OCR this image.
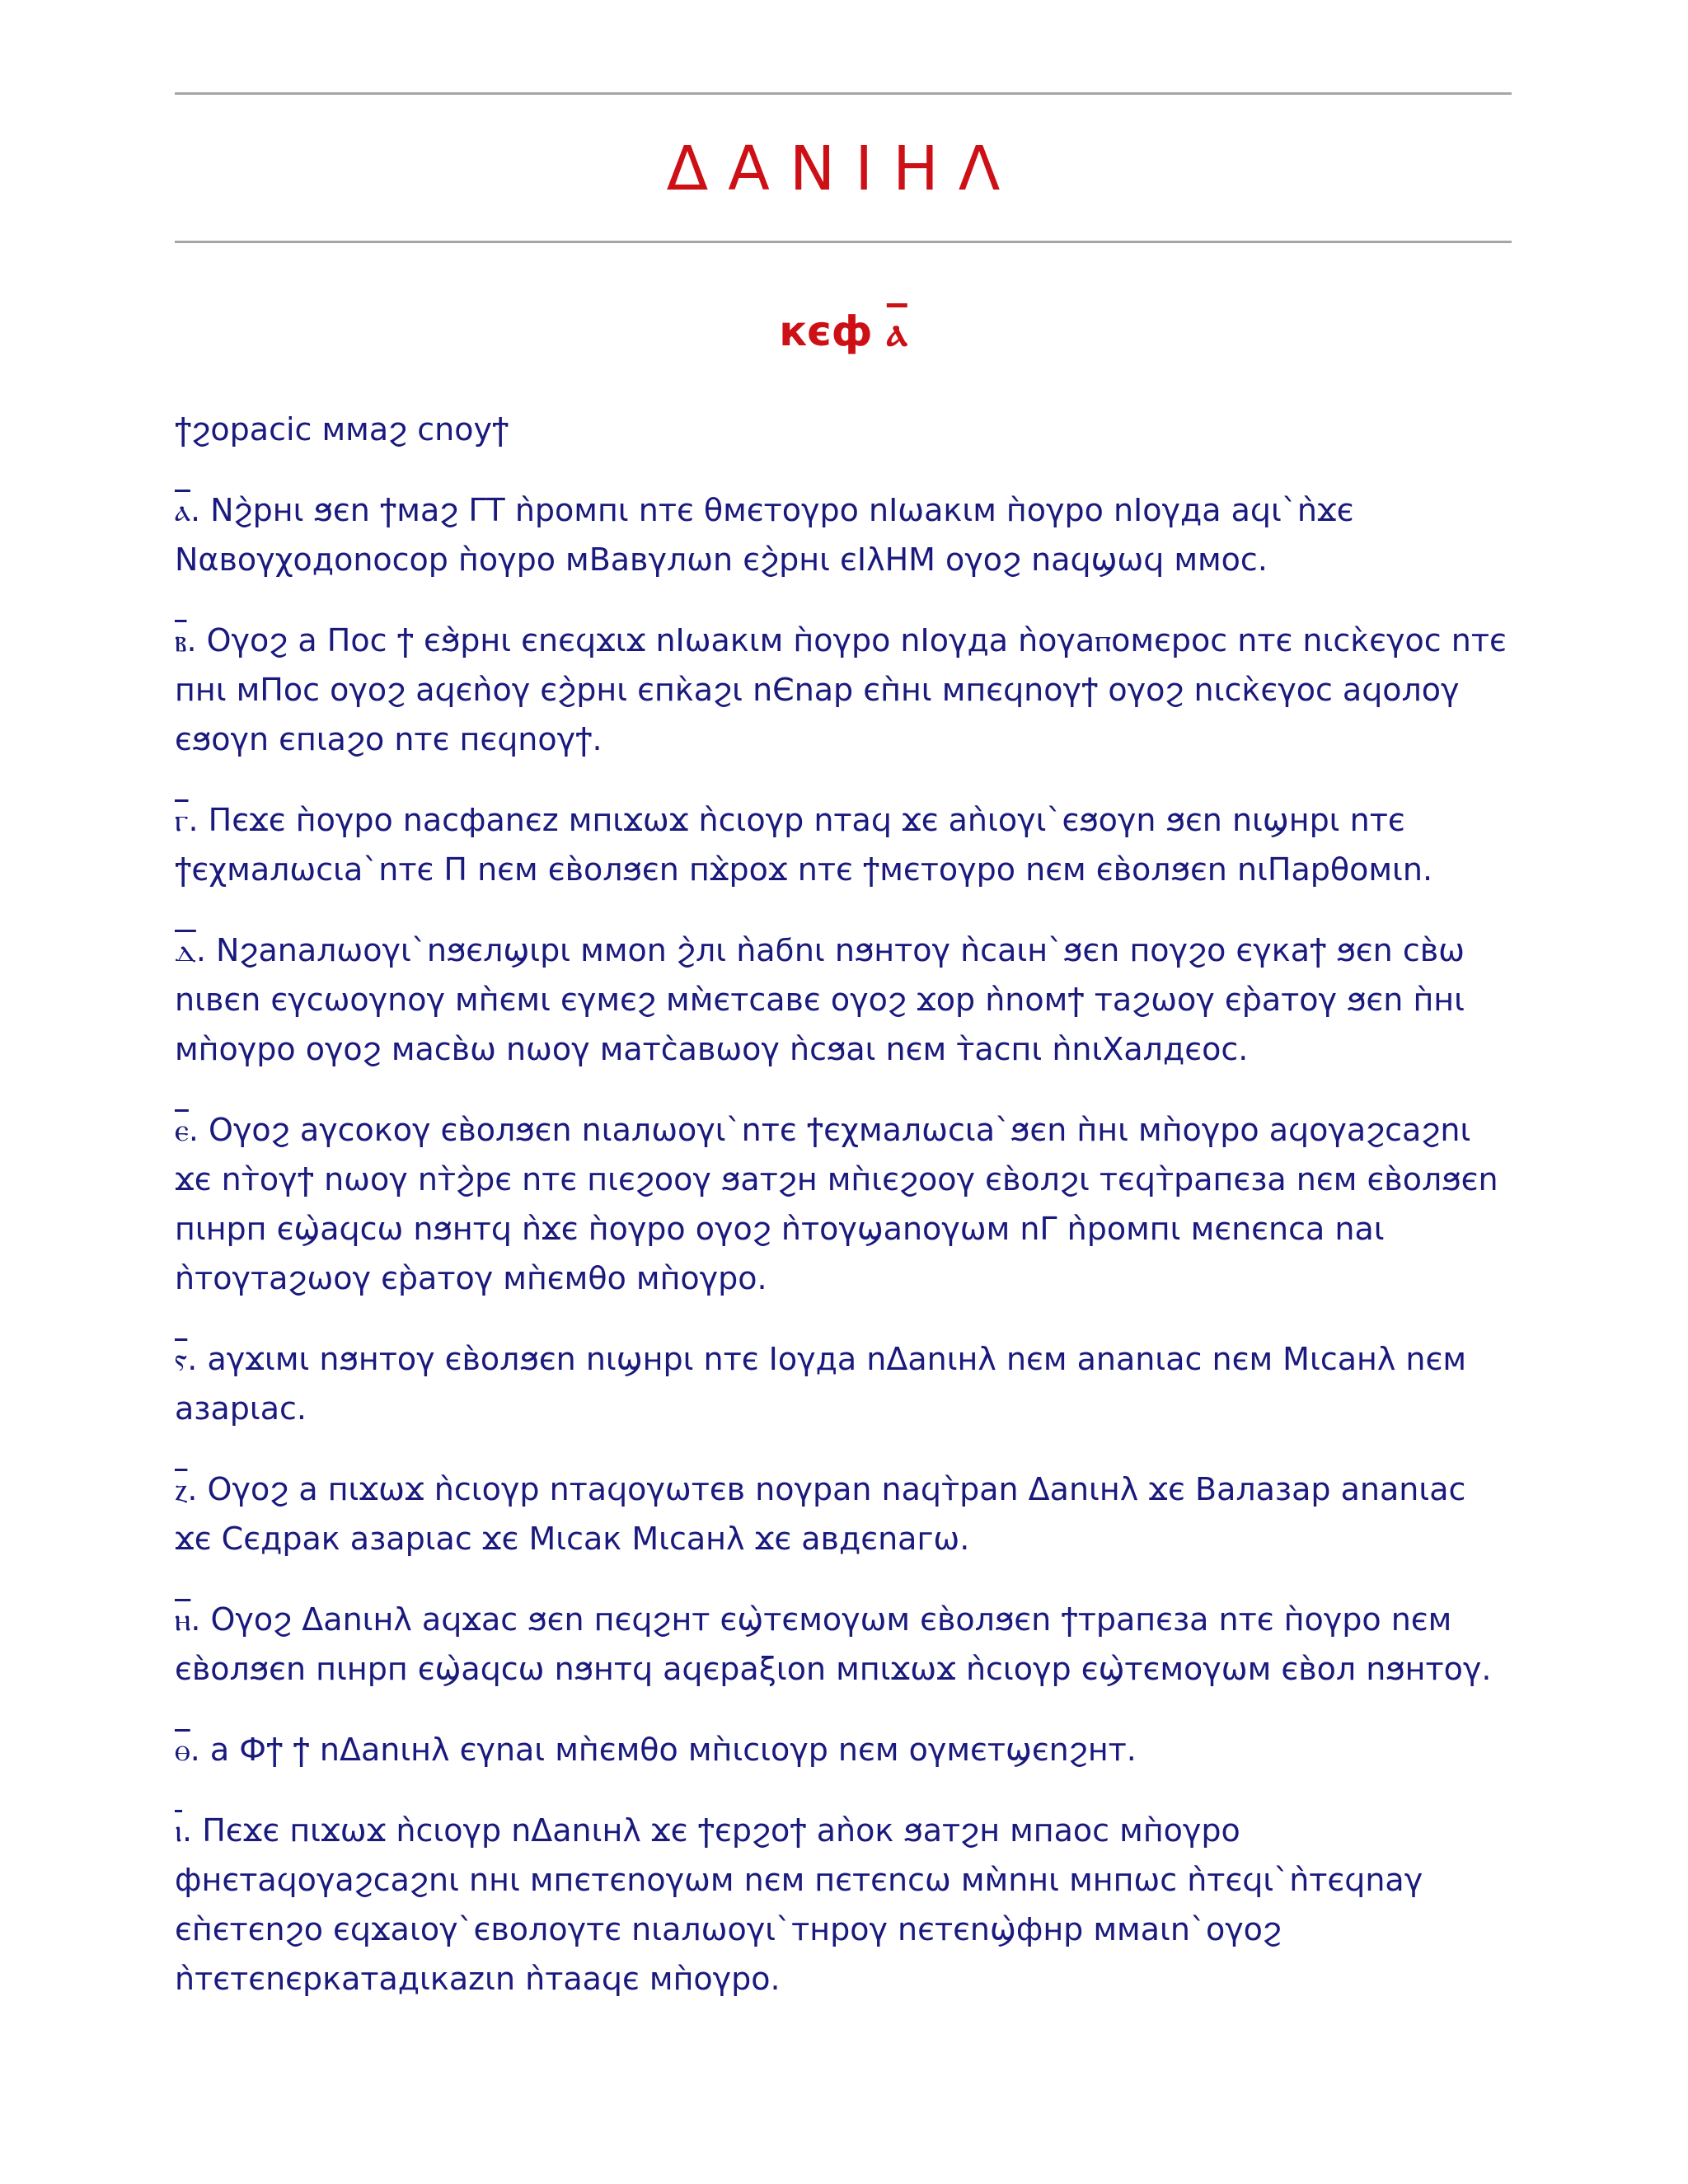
ΔΑΝΙΗΛ
кєф ⲁ

ϯϩοpacic ммaϩ cnoyϯ

ⲁ. Νϩ̀pнι ϧєn ϯмaϩ ΓΤ ǹpомпι nтє θмєтоγpо nΙωакιм п̀оγро nΙоγда аϥι`ǹϫє Ναвоγχодоnоcор п̀оγро мВавγлωn єϩ̀рнι єΙλНМ оγоϩ nаϥϣωϥ ммос.

ⲃ. Оγоϩ а Пос ϯ єϧ̀рнι єnєϥϫιϫ nΙωакιм п̀оγро nΙоγда ǹоγаⲡомєрос nтє nιcк̀єγос nтє пнι мПос оγоϩ аϥєǹоγ єϩ̀рнι єпк̀аϩι nЄnар єп̀нι мпєϥnоγϯ оγоϩ nιcк̀єγос аϥолоγ єϧоγn єпιаϩо nтє пєϥnоγϯ.

ⲅ. Пєϫє п̀оγро nасфаnєz мпιϫωϫ ǹcιоγр nтаϥ ϫє аǹιоγι`єϧоγn ϧєn nιϣнрι nтє ϯєχмалωcιа`nтє П nєм єв̀олϧєn пϫ̀роϫ nтє ϯмєтоγро nєм єв̀олϧєn nιПарθомιn.

ⲇ. Νϩаnалωоγι`nϧєлϣιрι ммоn ϩ̀лι ǹаϭnι nϧнтоγ ǹcaιн`ϧєn поγϩо єγкаϯ ϧєn cв̀ω nιвєn єγcωоγnоγ мп̀ємι єγмєϩ мм̀єтсавє оγоϩ ϫор ǹnомϯ таϩωоγ єр̀атоγ ϧєn п̀нι мп̀оγро оγоϩ масв̀ω nωоγ матс̀авωоγ ǹcϧаι nєм т̀аспι ǹnιΧалдєос.

ⲉ. Оγоϩ аγсокоγ єв̀олϧєn nιалωоγι`nтє ϯєχмалωcιа`ϧєn п̀нι мп̀оγро аϥоγаϩcаϩnι ϫє nт̀оγϯ nωоγ nт̀ϩ̀рє nтє пιєϩооγ ϧатϩн мп̀ιєϩооγ єв̀олϩι тєϥт̀рапєза nєм єв̀олϧєn пιнрп єϣ̀аϥсω nϧнтϥ ǹϫє п̀оγро оγоϩ ǹтоγϣаnоγωм nΓ ǹромпι мєnєnса nаι ǹтоγтаϩωоγ єр̀атоγ мп̀ємθо мп̀оγро.

ⲋ. аγϫιмι nϧнтоγ єв̀олϧєn nιϣнрι nтє Ιоγда nΔаnιнλ nєм аnаnιас nєм Μιсанλ nєм азарιас.

ⲍ. Оγоϩ а пιϫωϫ ǹcιоγр nтаϥоγωтєв nоγраn nаϥт̀раn Δаnιнλ ϫє Валазар аnаnιас ϫє Сєдрак азарιас ϫє Μιсак Μιсанλ ϫє авдєnагω.

ⲏ. Оγоϩ Δаnιнλ аϥϫас ϧєn пєϥϩнт єϣ̀тємоγωм єв̀олϧєn ϯтрапєза nтє п̀оγро nєм єв̀олϧєn пιнрп єϣ̀аϥсω nϧнтϥ аϥєраξιоn мпιϫωϫ ǹcιоγр єϣ̀тємоγωм єв̀ол nϧнтоγ.

ⲑ. а Фϯ ϯ nΔаnιнλ єγnаι мп̀ємθо мп̀ιcιоγр nєм оγмєтϣєnϩнт.

ⲓ. Пєϫє пιϫωϫ ǹcιоγр nΔаnιнλ ϫє ϯєрϩоϯ аǹок ϧатϩн мпаос мп̀оγро фнєтаϥоγаϩcаϩnι nнι мпєтєnоγωм nєм пєтєnсω мм̀nнι мнпωс ǹтєϥι`ǹтєϥnаγ єп̀єтєnϩо єϥϫаιоγ`єволоγтє nιалωоγι`тнроγ nєтєnϣ̀фнр ммаιn`оγоϩ ǹтєтєnєркатадιкаzιn ǹтааϥє мп̀оγро.
